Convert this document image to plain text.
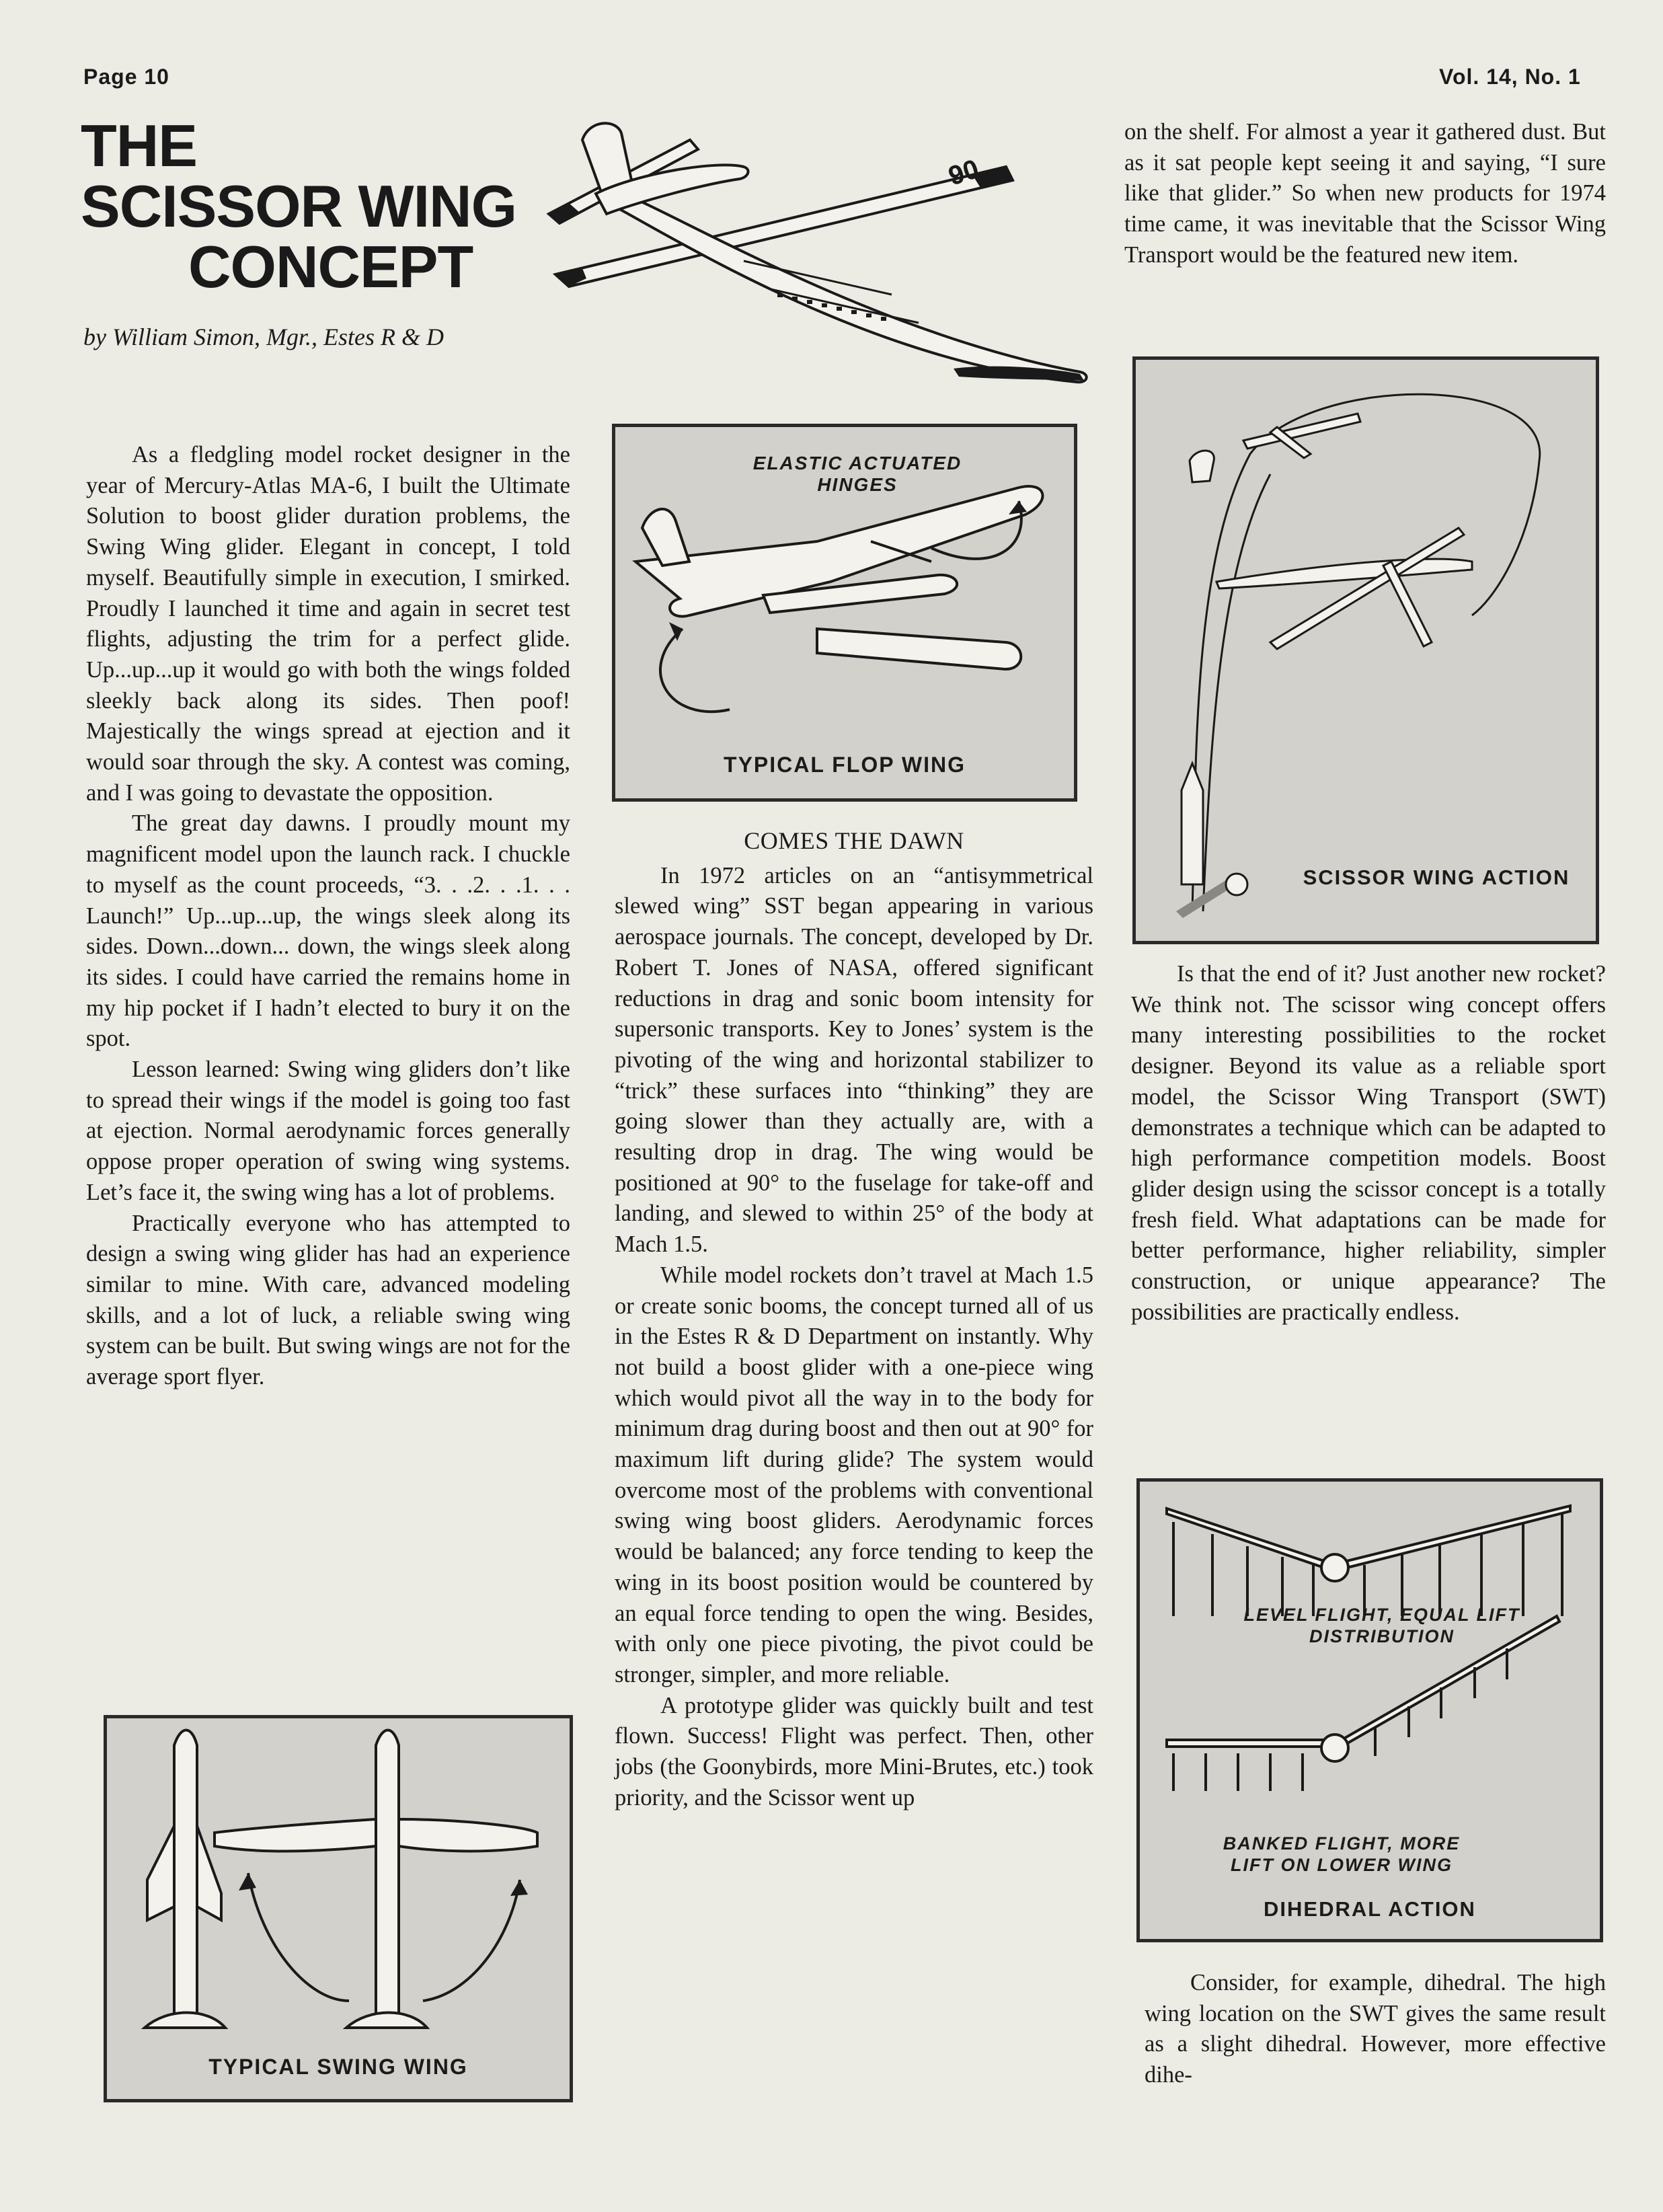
Page 10	Vol. 14, No. 1
THE
SCISSOR WING
CONCEPT
by William Simon, Mgr., Estes R & D
90

As a fledgling model rocket designer in the year of Mercury-Atlas MA-6, I built the Ultimate Solution to boost glider duration problems, the Swing Wing glider. Elegant in concept, I told myself. Beautifully simple in execution, I smirked. Proudly I launched it time and again in secret test flights, adjusting the trim for a perfect glide. Up...up...up it would go with both the wings folded sleekly back along its sides. Then poof! Majestically the wings spread at ejection and it would soar through the sky. A contest was coming, and I was going to devastate the opposition.

The great day dawns. I proudly mount my magnificent model upon the launch rack. I chuckle to myself as the count proceeds, “3. . .2. . .1. . . Launch!” Up...up...up, the wings sleek along its sides. Down...down... down, the wings sleek along its sides. I could have carried the remains home in my hip pocket if I hadn’t elected to bury it on the spot.

Lesson learned: Swing wing gliders don’t like to spread their wings if the model is going too fast at ejection. Normal aerodynamic forces generally oppose proper operation of swing wing systems. Let’s face it, the swing wing has a lot of problems.

Practically everyone who has attempted to design a swing wing glider has had an experience similar to mine. With care, advanced modeling skills, and a lot of luck, a reliable swing wing system can be built. But swing wings are not for the average sport flyer.

ELASTIC ACTUATED HINGES
TYPICAL FLOP WING
COMES THE DAWN

In 1972 articles on an “antisymmetrical slewed wing” SST began appearing in various aerospace journals. The concept, developed by Dr. Robert T. Jones of NASA, offered significant reductions in drag and sonic boom intensity for supersonic transports. Key to Jones’ system is the pivoting of the wing and horizontal stabilizer to “trick” these surfaces into “thinking” they are going slower than they actually are, with a resulting drop in drag. The wing would be positioned at 90° to the fuselage for take-off and landing, and slewed to within 25° of the body at Mach 1.5.

While model rockets don’t travel at Mach 1.5 or create sonic booms, the concept turned all of us in the Estes R & D Department on instantly. Why not build a boost glider with a one-piece wing which would pivot all the way in to the body for minimum drag during boost and then out at 90° for maximum lift during glide? The system would overcome most of the problems with conventional swing wing boost gliders. Aerodynamic forces would be balanced; any force tending to keep the wing in its boost position would be countered by an equal force tending to open the wing. Besides, with only one piece pivoting, the pivot could be stronger, simpler, and more reliable.

A prototype glider was quickly built and test flown. Success! Flight was perfect. Then, other jobs (the Goonybirds, more Mini-Brutes, etc.) took priority, and the Scissor went up

on the shelf. For almost a year it gathered dust. But as it sat people kept seeing it and saying, “I sure like that glider.” So when new products for 1974 time came, it was inevitable that the Scissor Wing Transport would be the featured new item.

SCISSOR WING ACTION

Is that the end of it? Just another new rocket? We think not. The scissor wing concept offers many interesting possibilities to the rocket designer. Beyond its value as a reliable sport model, the Scissor Wing Transport (SWT) demonstrates a technique which can be adapted to high performance competition models. Boost glider design using the scissor concept is a totally fresh field. What adaptations can be made for better performance, higher reliability, simpler construction, or unique appearance? The possibilities are practically endless.

LEVEL FLIGHT, EQUAL LIFT DISTRIBUTION
BANKED FLIGHT, MORE LIFT ON LOWER WING
DIHEDRAL ACTION

Consider, for example, dihedral. The high wing location on the SWT gives the same result as a slight dihedral. However, more effective dihe-

TYPICAL SWING WING
